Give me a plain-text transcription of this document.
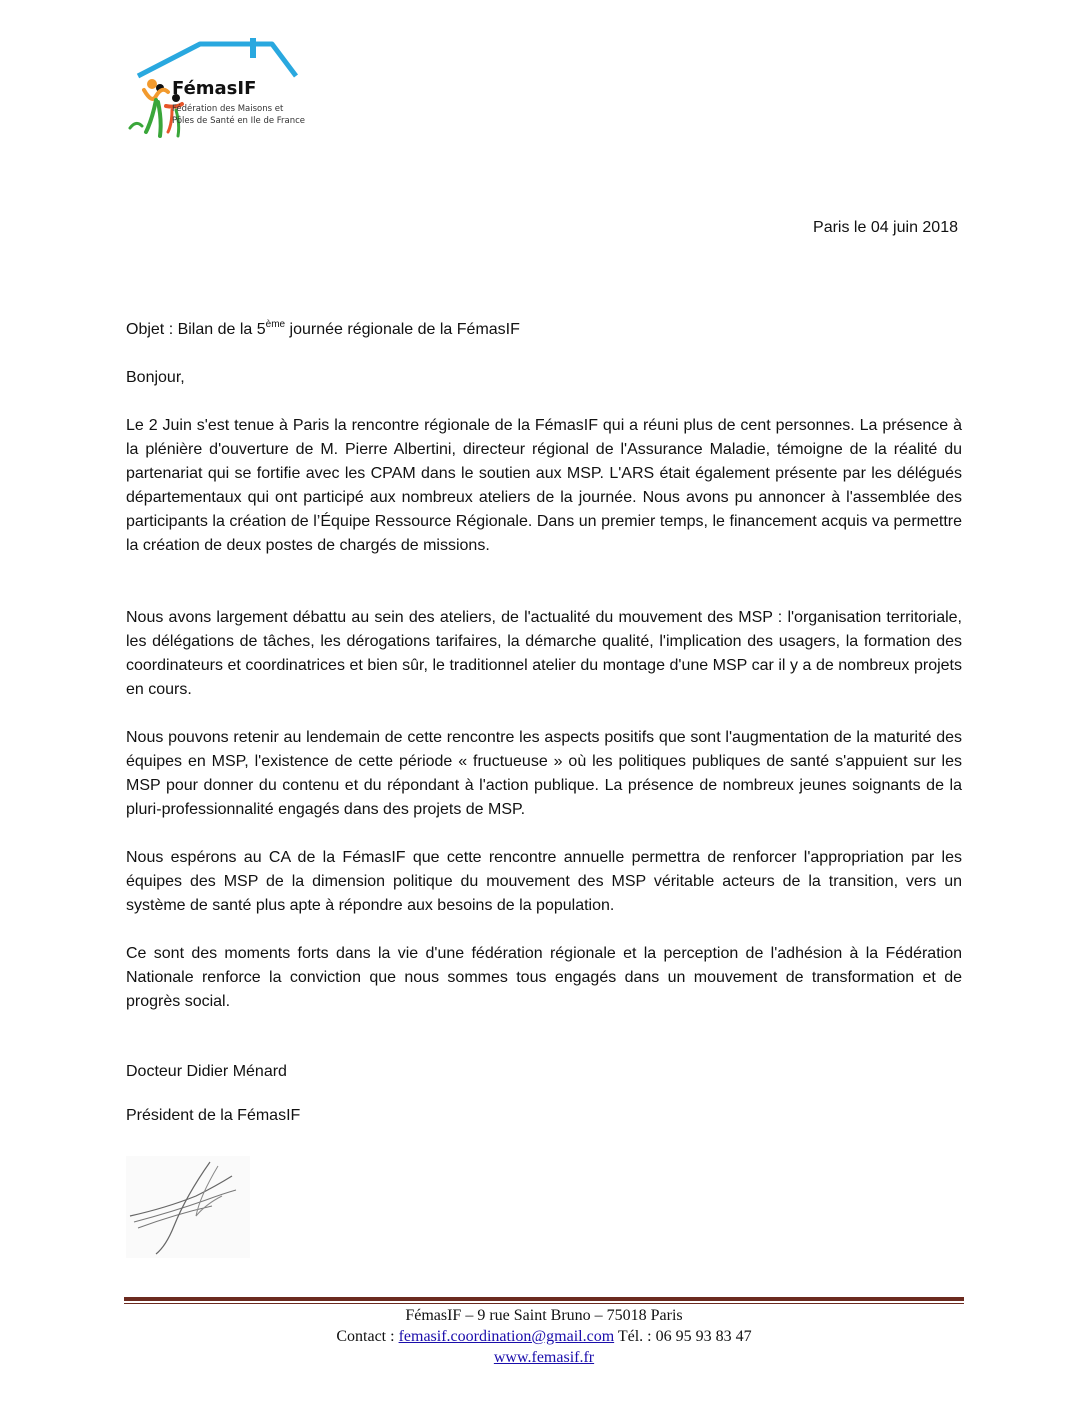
FémasIF
Fédération des Maisons et
Pôles de Santé en Ile de France
Paris le 04 juin 2018
Objet : Bilan de la 5ème journée régionale de la FémasIF
Bonjour,
Le 2 Juin s'est tenue à Paris la rencontre régionale de la FémasIF qui a réuni plus de cent personnes. La présence à la plénière d'ouverture de M. Pierre Albertini, directeur régional de l'Assurance Maladie, témoigne de la réalité du partenariat qui se fortifie avec les CPAM dans le soutien aux MSP. L'ARS était également présente par les délégués départementaux qui ont participé aux nombreux ateliers de la journée. Nous avons pu annoncer à l'assemblée des participants la création de l’Équipe Ressource Régionale. Dans un premier temps, le financement acquis va permettre la création de deux postes de chargés de missions.
Nous avons largement débattu au sein des ateliers, de l'actualité du mouvement des MSP : l'organisation territoriale, les délégations de tâches, les dérogations tarifaires, la démarche qualité, l'implication des usagers, la formation des coordinateurs et coordinatrices et bien sûr, le traditionnel atelier du montage d'une MSP car il y a de nombreux projets en cours.
Nous pouvons retenir au lendemain de cette rencontre les aspects positifs que sont l'augmentation de la maturité des équipes en MSP, l'existence de cette période « fructueuse » où les politiques publiques de santé s'appuient sur les MSP pour donner du contenu et du répondant à l'action publique. La présence de nombreux jeunes soignants de la pluri-professionnalité engagés dans des projets de MSP.
Nous espérons au CA de la FémasIF que cette rencontre annuelle permettra de renforcer l'appropriation par les équipes des MSP de la dimension politique du mouvement des MSP véritable acteurs de la transition, vers un système de santé plus apte à répondre aux besoins de la population.
Ce sont des moments forts dans la vie d'une fédération régionale et la perception de l'adhésion à la Fédération Nationale renforce la conviction que nous sommes tous engagés dans un mouvement de transformation et de progrès social.
Docteur Didier Ménard
Président de la FémasIF
FémasIF – 9 rue Saint Bruno – 75018 Paris
Contact : femasif.coordination@gmail.com Tél. : 06 95 93 83 47
www.femasif.fr
